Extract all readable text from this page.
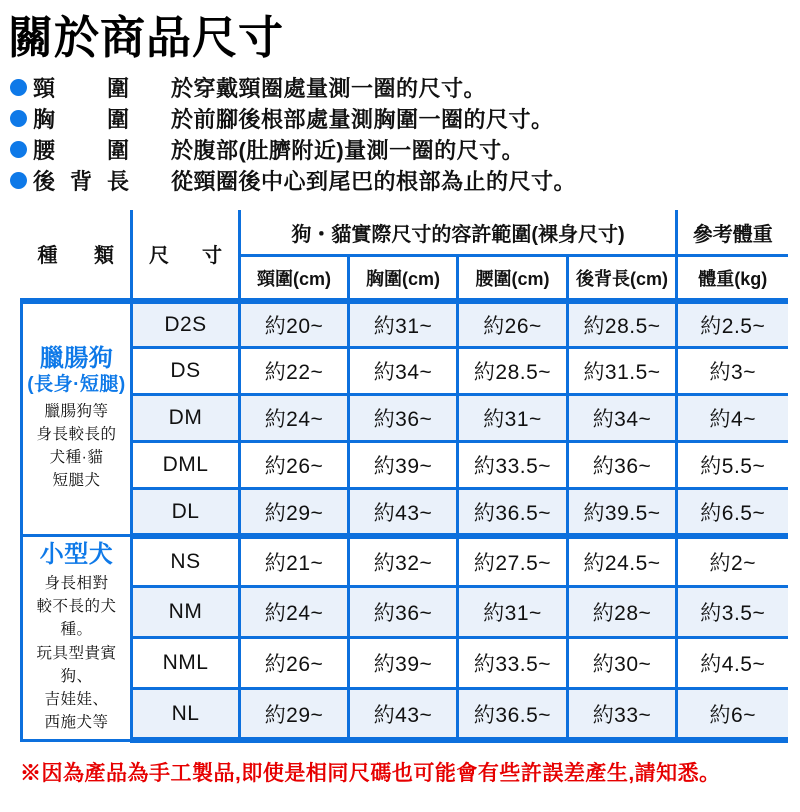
關於商品尺寸
頸圍 於穿戴頸圈處量測一圈的尺寸。
胸圍 於前腳後根部處量測胸圍一圈的尺寸。
腰圍 於腹部(肚臍附近)量測一圈的尺寸。
後背長 從頸圈後中心到尾巴的根部為止的尺寸。
種類	尺寸	狗・貓實際尺寸的容許範圍(裸身尺寸)				參考體重
		頸圍(cm)	胸圍(cm)	腰圍(cm)	後背長(cm)	體重(kg)

臘腸狗
(長身·短腿)
臘腸狗等
身長較長的
犬種·貓
短腿犬
	D2S	約20~	約31~	約26~	約28.5~	約2.5~
	DS	約22~	約34~	約28.5~	約31.5~	約3~
	DM	約24~	約36~	約31~	約34~	約4~
	DML	約26~	約39~	約33.5~	約36~	約5.5~
	DL	約29~	約43~	約36.5~	約39.5~	約6.5~

小型犬
身長相對
較不長的犬種。
玩具型貴賓狗、
吉娃娃、
西施犬等
	NS	約21~	約32~	約27.5~	約24.5~	約2~
	NM	約24~	約36~	約31~	約28~	約3.5~
	NML	約26~	約39~	約33.5~	約30~	約4.5~
	NL	約29~	約43~	約36.5~	約33~	約6~
※因為產品為手工製品,即使是相同尺碼也可能會有些許誤差產生,請知悉。
